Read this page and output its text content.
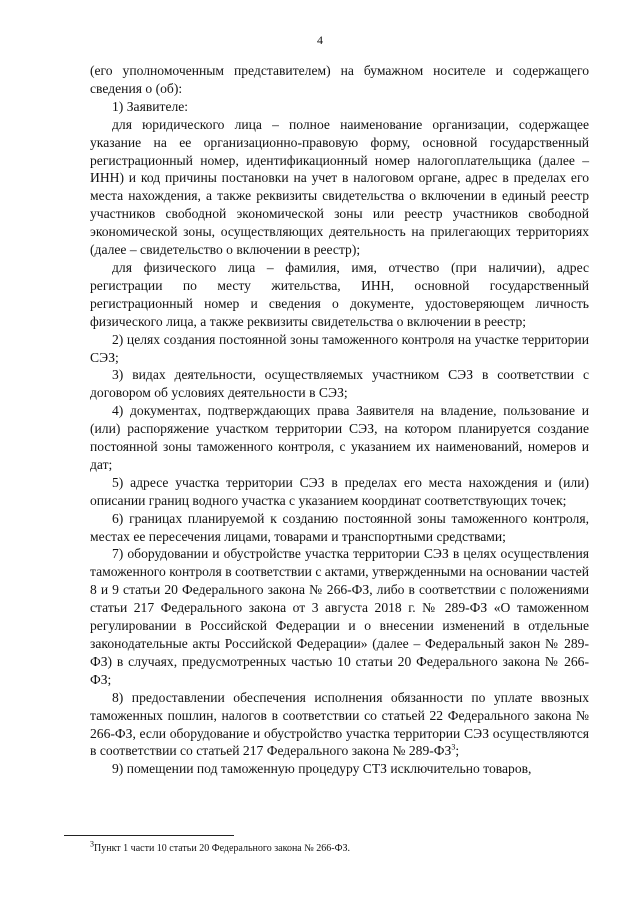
4

(его уполномоченным представителем) на бумажном носителе и содержащего сведения о (об):

1) Заявителе:

для юридического лица – полное наименование организации, содержащее указание на ее организационно-правовую форму, основной государственный регистрационный номер, идентификационный номер налогоплательщика (далее – ИНН) и код причины постановки на учет в налоговом органе, адрес в пределах его места нахождения, а также реквизиты свидетельства о включении в единый реестр участников свободной экономической зоны или реестр участников свободной экономической зоны, осуществляющих деятельность на прилегающих территориях (далее – свидетельство о включении в реестр);

для физического лица – фамилия, имя, отчество (при наличии), адрес регистрации по месту жительства, ИНН, основной государственный регистрационный номер и сведения о документе, удостоверяющем личность физического лица, а также реквизиты свидетельства о включении в реестр;

2) целях создания постоянной зоны таможенного контроля на участке территории СЭЗ;

3) видах деятельности, осуществляемых участником СЭЗ в соответствии с договором об условиях деятельности в СЭЗ;

4) документах, подтверждающих права Заявителя на владение, пользование и (или) распоряжение участком территории СЭЗ, на котором планируется создание постоянной зоны таможенного контроля, с указанием их наименований, номеров и дат;

5) адресе участка территории СЭЗ в пределах его места нахождения и (или) описании границ водного участка с указанием координат соответствующих точек;

6) границах планируемой к созданию постоянной зоны таможенного контроля, местах ее пересечения лицами, товарами и транспортными средствами;

7) оборудовании и обустройстве участка территории СЭЗ в целях осуществления таможенного контроля в соответствии с актами, утвержденными на основании частей 8 и 9 статьи 20 Федерального закона № 266-ФЗ, либо в соответствии с положениями статьи 217 Федерального закона от 3 августа 2018 г. № 289-ФЗ «О таможенном регулировании в Российской Федерации и о внесении изменений в отдельные законодательные акты Российской Федерации» (далее – Федеральный закон № 289-ФЗ) в случаях, предусмотренных частью 10 статьи 20 Федерального закона № 266-ФЗ;

8) предоставлении обеспечения исполнения обязанности по уплате ввозных таможенных пошлин, налогов в соответствии со статьей 22 Федерального закона № 266-ФЗ, если оборудование и обустройство участка территории СЭЗ осуществляются в соответствии со статьей 217 Федерального закона № $289-ФЗ^3$;

9) помещении под таможенную процедуру СТЗ исключительно товаров,

$^3$Пункт 1 части 10 статьи 20 Федерального закона № 266-ФЗ.
